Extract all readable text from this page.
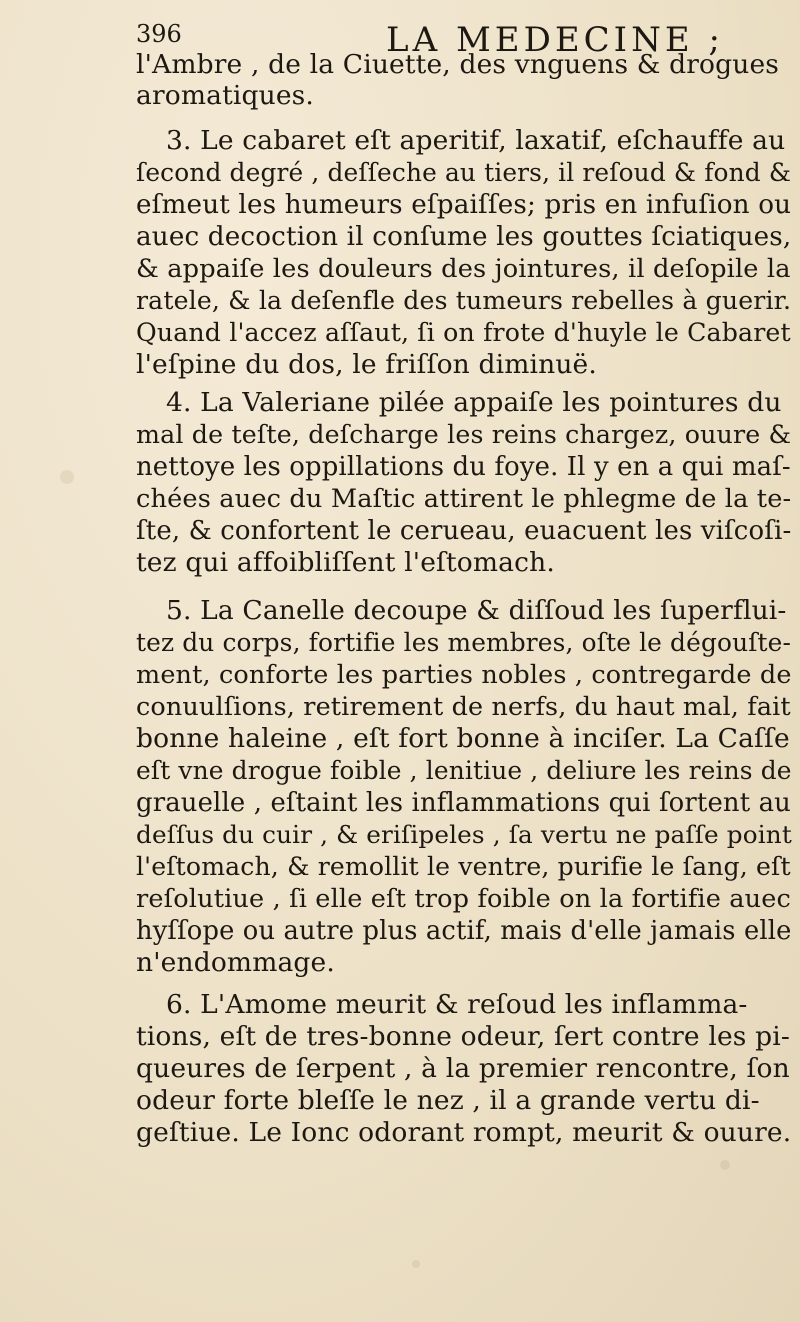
396	LA MEDECINE ;
l'Ambre , de la Ciuette, des vnguens & drogues
aromatiques.
3. Le cabaret eſt aperitif, laxatif, eſchauffe au
ſecond degré , deſſeche au tiers, il reſoud & fond &
eſmeut les humeurs eſpaiſſes; pris en infuſion ou
auec decoction il conſume les gouttes ſciatiques,
& appaiſe les douleurs des jointures, il deſopile la
ratele, & la deſenfle des tumeurs rebelles à guerir.
Quand l'accez aſſaut, ſi on frote d'huyle le Cabaret
l'eſpine du dos, le friſſon diminuë.
4. La Valeriane pilée appaiſe les pointures du
mal de teſte, deſcharge les reins chargez, ouure &
nettoye les oppillations du foye. Il y en a qui maſ-
chées auec du Maſtic attirent le phlegme de la te-
ſte, & confortent le cerueau, euacuent les viſcoſi-
tez qui affoibliſſent l'eſtomach.
5. La Canelle decoupe & diſſoud les ſuperflui-
tez du corps, fortifie les membres, oſte le dégouſte-
ment, conforte les parties nobles , contregarde de
conuulſions, retirement de nerfs, du haut mal, fait
bonne haleine , eſt fort bonne à inciſer. La Caſſe
eſt vne drogue foible , lenitiue , deliure les reins de
grauelle , eſtaint les inflammations qui ſortent au
deſſus du cuir , & eriſipeles , ſa vertu ne paſſe point
l'eſtomach, & remollit le ventre, purifie le ſang, eſt
reſolutiue , ſi elle eſt trop foible on la fortifie auec
hyſſope ou autre plus actif, mais d'elle jamais elle
n'endommage.
6. L'Amome meurit & reſoud les inflamma-
tions, eſt de tres-bonne odeur, ſert contre les pi-
queures de ſerpent , à la premier rencontre, ſon
odeur forte bleſſe le nez , il a grande vertu di-
geſtiue. Le Ionc odorant rompt, meurit & ouure.
